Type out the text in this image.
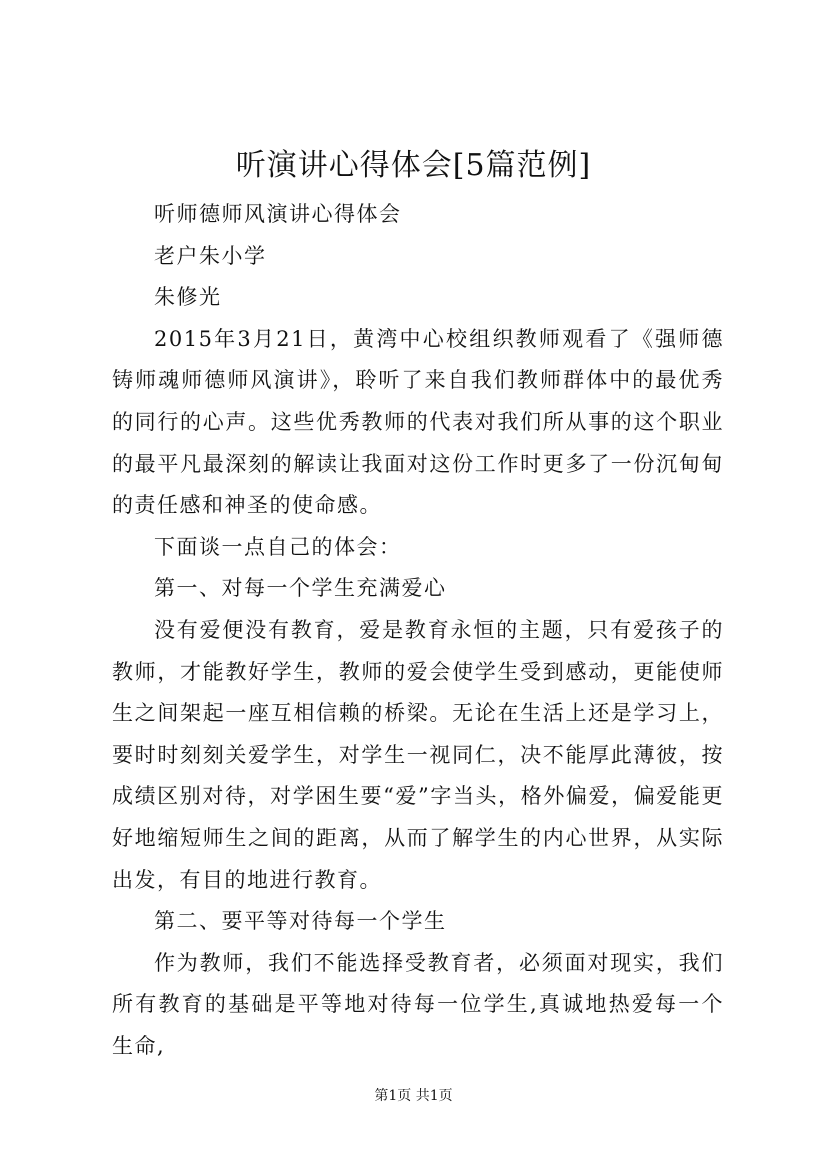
听演讲心得体会[5篇范例]

听师德师风演讲心得体会

老户朱小学

朱修光

2015年3月21日，黄湾中心校组织教师观看了《强师德铸师魂师德师风演讲》，聆听了来自我们教师群体中的最优秀的同行的心声。这些优秀教师的代表对我们所从事的这个职业的最平凡最深刻的解读让我面对这份工作时更多了一份沉甸甸的责任感和神圣的使命感。

下面谈一点自己的体会：

第一、对每一个学生充满爱心

没有爱便没有教育，爱是教育永恒的主题，只有爱孩子的教师，才能教好学生，教师的爱会使学生受到感动，更能使师生之间架起一座互相信赖的桥梁。无论在生活上还是学习上，要时时刻刻关爱学生，对学生一视同仁，决不能厚此薄彼，按成绩区别对待，对学困生要“爱”字当头，格外偏爱，偏爱能更好地缩短师生之间的距离，从而了解学生的内心世界，从实际出发，有目的地进行教育。

第二、要平等对待每一个学生

作为教师，我们不能选择受教育者，必须面对现实，我们所有教育的基础是平等地对待每一位学生,真诚地热爱每一个生命,

第1页 共1页
